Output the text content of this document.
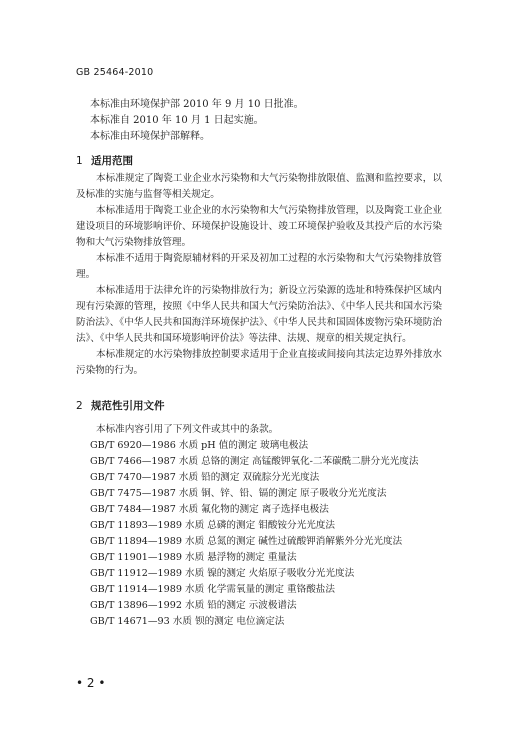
GB 25464-2010

本标准由环境保护部 2010 年 9 月 10 日批准。

本标准自 2010 年 10 月 1 日起实施。

本标准由环境保护部解释。

1 适用范围

本标准规定了陶瓷工业企业水污染物和大气污染物排放限值、监测和监控要求，以及标准的实施与监督等相关规定。

本标准适用于陶瓷工业企业的水污染物和大气污染物排放管理，以及陶瓷工业企业建设项目的环境影响评价、环境保护设施设计、竣工环境保护验收及其投产后的水污染物和大气污染物排放管理。

本标准不适用于陶瓷原辅材料的开采及初加工过程的水污染物和大气污染物排放管理。

本标准适用于法律允许的污染物排放行为；新设立污染源的选址和特殊保护区域内现有污染源的管理，按照《中华人民共和国大气污染防治法》、《中华人民共和国水污染防治法》、《中华人民共和国海洋环境保护法》、《中华人民共和国固体废物污染环境防治法》、《中华人民共和国环境影响评价法》等法律、法规、规章的相关规定执行。

本标准规定的水污染物排放控制要求适用于企业直接或间接向其法定边界外排放水污染物的行为。

2 规范性引用文件

本标准内容引用了下列文件或其中的条款。

GB/T 6920—1986 水质 pH 值的测定 玻璃电极法

GB/T 7466—1987 水质 总铬的测定 高锰酸钾氧化-二苯碳酰二肼分光光度法

GB/T 7470—1987 水质 铅的测定 双硫腙分光光度法

GB/T 7475—1987 水质 铜、锌、铅、镉的测定 原子吸收分光光度法

GB/T 7484—1987 水质 氟化物的测定 离子选择电极法

GB/T 11893—1989 水质 总磷的测定 钼酸铵分光光度法

GB/T 11894—1989 水质 总氮的测定 碱性过硫酸钾消解紫外分光光度法

GB/T 11901—1989 水质 悬浮物的测定 重量法

GB/T 11912—1989 水质 镍的测定 火焰原子吸收分光光度法

GB/T 11914—1989 水质 化学需氧量的测定 重铬酸盐法

GB/T 13896—1992 水质 铅的测定 示波极谱法

GB/T 14671—93 水质 钡的测定 电位滴定法

• 2 •
